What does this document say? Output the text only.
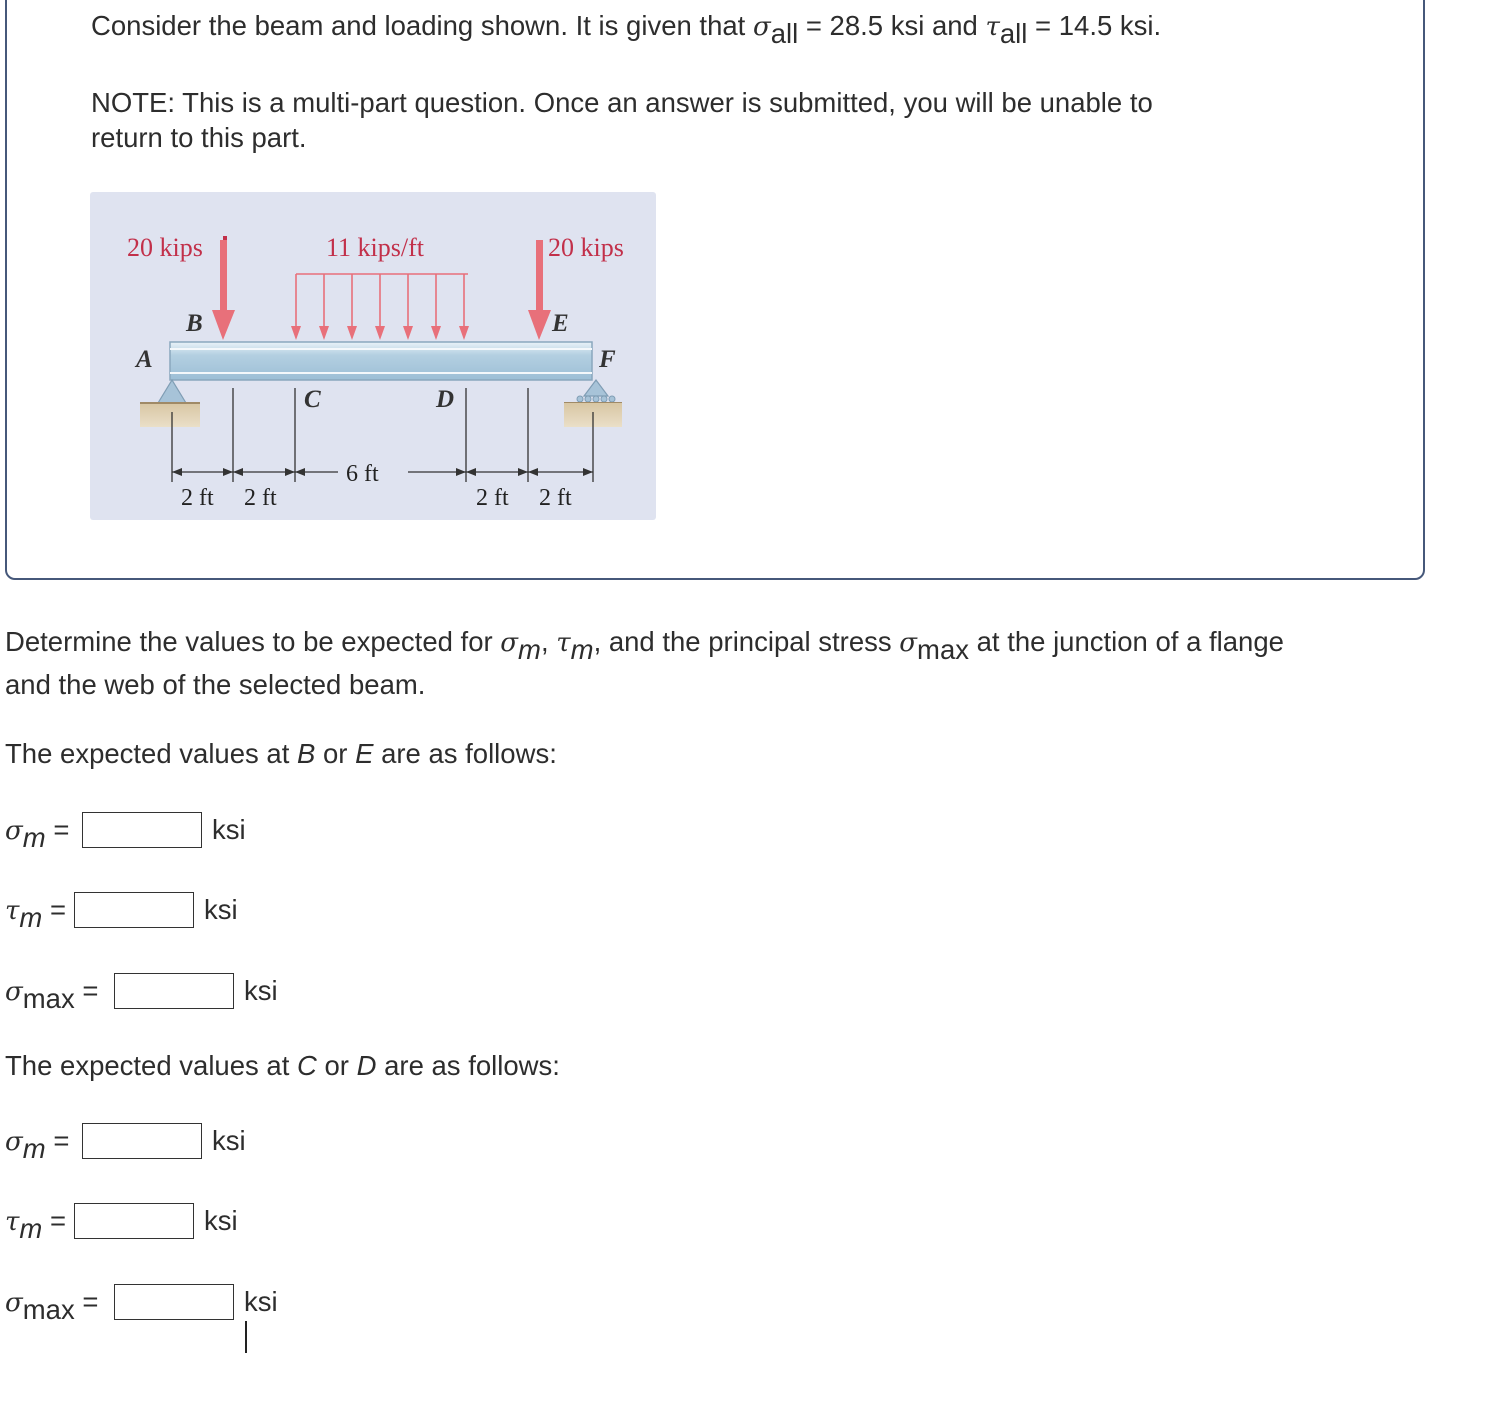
Consider the beam and loading shown. It is given that σall = 28.5 ksi and τall = 14.5 ksi.
NOTE: This is a multi-part question. Once an answer is submitted, you will be unable to
return to this part.
20 kips	11 kips/ft	20 kips
A
B
C	D
E
F
6 ft
2 ft 2 ft	2 ft 2 ft
Determine the values to be expected for σm, τm, and the principal stress σmax at the junction of a flange
and the web of the selected beam.
The expected values at B or E are as follows:
σm =	ksi
τm =	ksi
σmax =	ksi
The expected values at C or D are as follows:
σm =	ksi
τm =	ksi
σmax =	ksi
